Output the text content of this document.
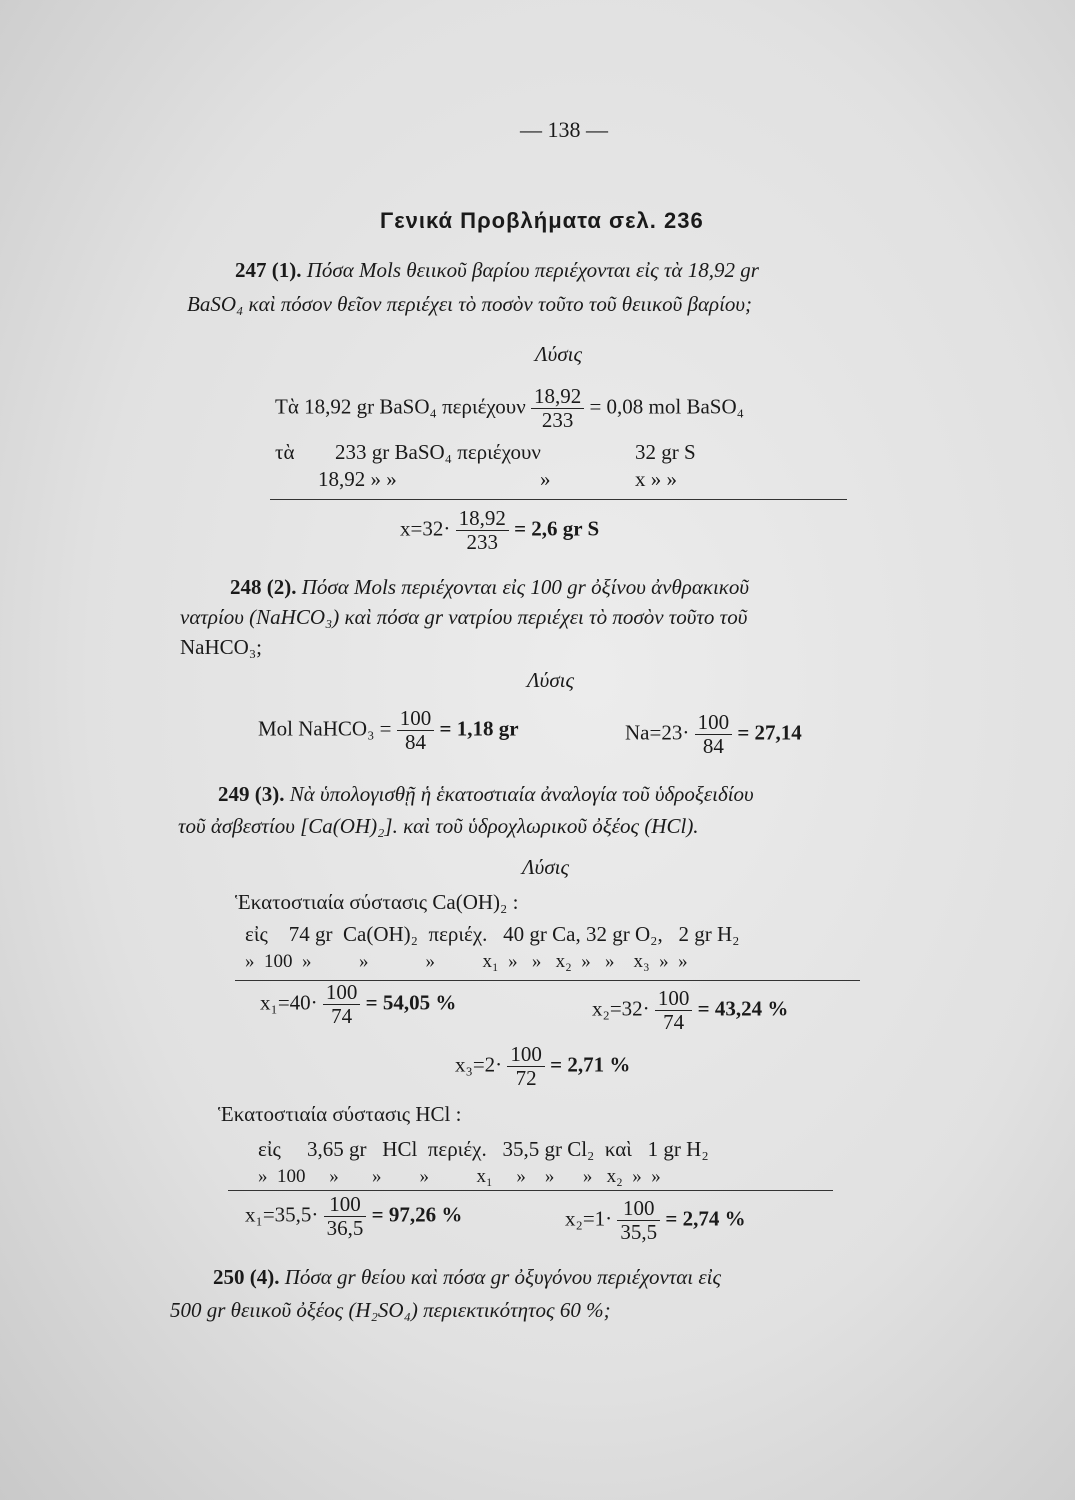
— 138 —
Γενικά Προβλήματα σελ. 236
247 (1). Πόσα Mols θειικοῦ βαρίου περιέχονται εἰς τὰ 18,92 gr
BaSO₄ καὶ πόσον θεῖον περιέχει τὸ ποσὸν τοῦτο τοῦ θειικοῦ βαρίου;
Λύσις
Τὰ 18,92 gr BaSO₄ περιέχουν $\frac{18,92}{233} = 0,08$ mol BaSO₄
τὰ 233 gr BaSO₄ περιέχουν	32 gr S
18,92 » »	»	x » »
$x=32\cdot \frac{18,92}{233} = 2,6$ gr S
248 (2). Πόσα Mols περιέχονται εἰς 100 gr ὀξίνου ἀνθρακικοῦ
νατρίου (NaHCO₃) καὶ πόσα gr νατρίου περιέχει τὸ ποσὸν τοῦτο τοῦ
NaHCO₃;
Λύσις
Mol NaHCO₃ = $\frac{100}{84} = 1,18$ gr	$Na=23\cdot \frac{100}{84} = 27,14$
249 (3). Νὰ ὑπολογισθῇ ἡ ἑκατοστιαία ἀναλογία τοῦ ὑδροξειδίου
τοῦ ἀσβεστίου [Ca(OH)₂]. καὶ τοῦ ὑδροχλωρικοῦ ὀξέος (HCl).
Λύσις
Ἑκατοστιαία σύστασις Ca(OH)₂ :
εἰς    74 gr  Ca(OH)₂  περιέχ.   40 gr Ca, 32 gr O₂,   2 gr H₂
»  100  »          »            »          x₁  »   »   x₂  »   »    x₃  »  »
$x_1=40\cdot \frac{100}{74} = 54,05$ %	$x_2=32\cdot \frac{100}{74} = 43,24$ %
$x_3=2\cdot \frac{100}{72} = 2,71$ %
Ἑκατοστιαία σύστασις HCl :
εἰς     3,65 gr   HCl  περιέχ.   35,5 gr Cl₂  καὶ   1 gr H₂
»  100     »       »        »          x₁     »    »      »   x₂  »  »
$x_1=35,5\cdot \frac{100}{36,5} = 97,26$ %	$x_2=1\cdot \frac{100}{35,5} = 2,74$ %
250 (4). Πόσα gr θείου καὶ πόσα gr ὀξυγόνου περιέχονται εἰς
500 gr θειικοῦ ὀξέος (H₂SO₄) περιεκτικότητος 60 %;
